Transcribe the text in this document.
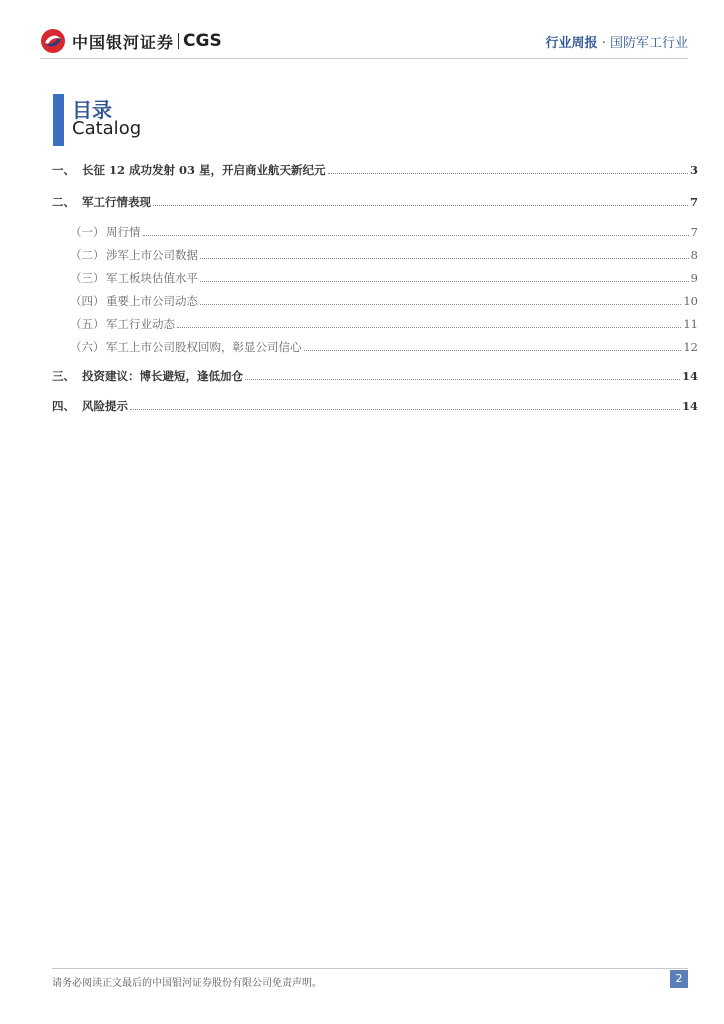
中国银河证券 CGS	行业周报 · 国防军工行业
目录
Catalog
一、 长征 12 成功发射 03 星，开启商业航天新纪元	3
二、 军工行情表现	7
（一） 周行情	7
（二） 涉军上市公司数据	8
（三） 军工板块估值水平	9
（四） 重要上市公司动态	10
（五） 军工行业动态	11
（六） 军工上市公司股权回购，彰显公司信心	12
三、 投资建议：博长避短，逢低加仓	14
四、 风险提示	14
请务必阅读正文最后的中国银河证券股份有限公司免责声明。	2
